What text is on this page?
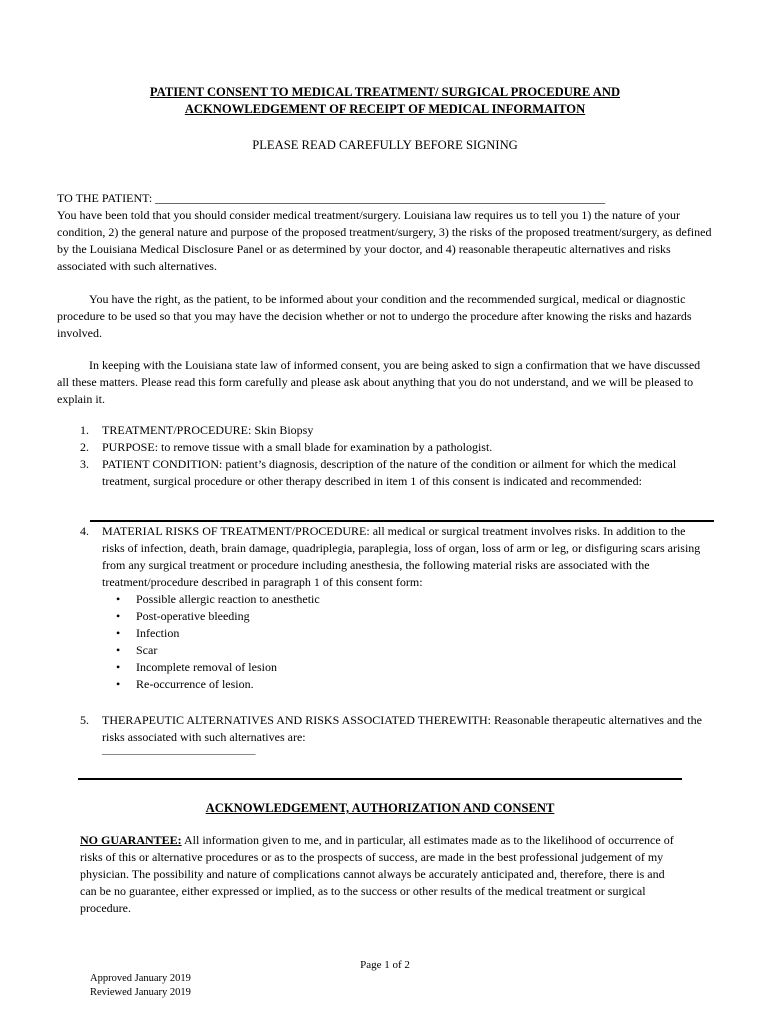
PATIENT CONSENT TO MEDICAL TREATMENT/ SURGICAL PROCEDURE AND
ACKNOWLEDGEMENT OF RECEIPT OF MEDICAL INFORMAITON
PLEASE READ CAREFULLY BEFORE SIGNING
TO THE PATIENT: ___________________________________________________________________________
You have been told that you should consider medical treatment/surgery. Louisiana law requires us to tell you 1) the nature of your condition, 2) the general nature and purpose of the proposed treatment/surgery, 3) the risks of the proposed treatment/surgery, as defined by the Louisiana Medical Disclosure Panel or as determined by your doctor, and 4) reasonable therapeutic alternatives and risks associated with such alternatives.
You have the right, as the patient, to be informed about your condition and the recommended surgical, medical or diagnostic procedure to be used so that you may have the decision whether or not to undergo the procedure after knowing the risks and hazards involved.
In keeping with the Louisiana state law of informed consent, you are being asked to sign a confirmation that we have discussed all these matters. Please read this form carefully and please ask about anything that you do not understand, and we will be pleased to explain it.
1. TREATMENT/PROCEDURE: Skin Biopsy
2. PURPOSE: to remove tissue with a small blade for examination by a pathologist.
3. PATIENT CONDITION: patient’s diagnosis, description of the nature of the condition or ailment for which the medical treatment, surgical procedure or other therapy described in item 1 of this consent is indicated and recommended:
4. MATERIAL RISKS OF TREATMENT/PROCEDURE: all medical or surgical treatment involves risks. In addition to the risks of infection, death, brain damage, quadriplegia, paraplegia, loss of organ, loss of arm or leg, or disfiguring scars arising from any surgical treatment or procedure including anesthesia, the following material risks are associated with the treatment/procedure described in paragraph 1 of this consent form:
• Possible allergic reaction to anesthetic
• Post-operative bleeding
• Infection
• Scar
• Incomplete removal of lesion
• Re-occurrence of lesion.
5. THERAPEUTIC ALTERNATIVES AND RISKS ASSOCIATED THEREWITH: Reasonable therapeutic alternatives and the risks associated with such alternatives are:
——————————————————
ACKNOWLEDGEMENT, AUTHORIZATION AND CONSENT
NO GUARANTEE: All information given to me, and in particular, all estimates made as to the likelihood of occurrence of risks of this or alternative procedures or as to the prospects of success, are made in the best professional judgement of my physician. The possibility and nature of complications cannot always be accurately anticipated and, therefore, there is and can be no guarantee, either expressed or implied, as to the success or other results of the medical treatment or surgical procedure.
Page 1 of 2
Approved January 2019
Reviewed January 2019
